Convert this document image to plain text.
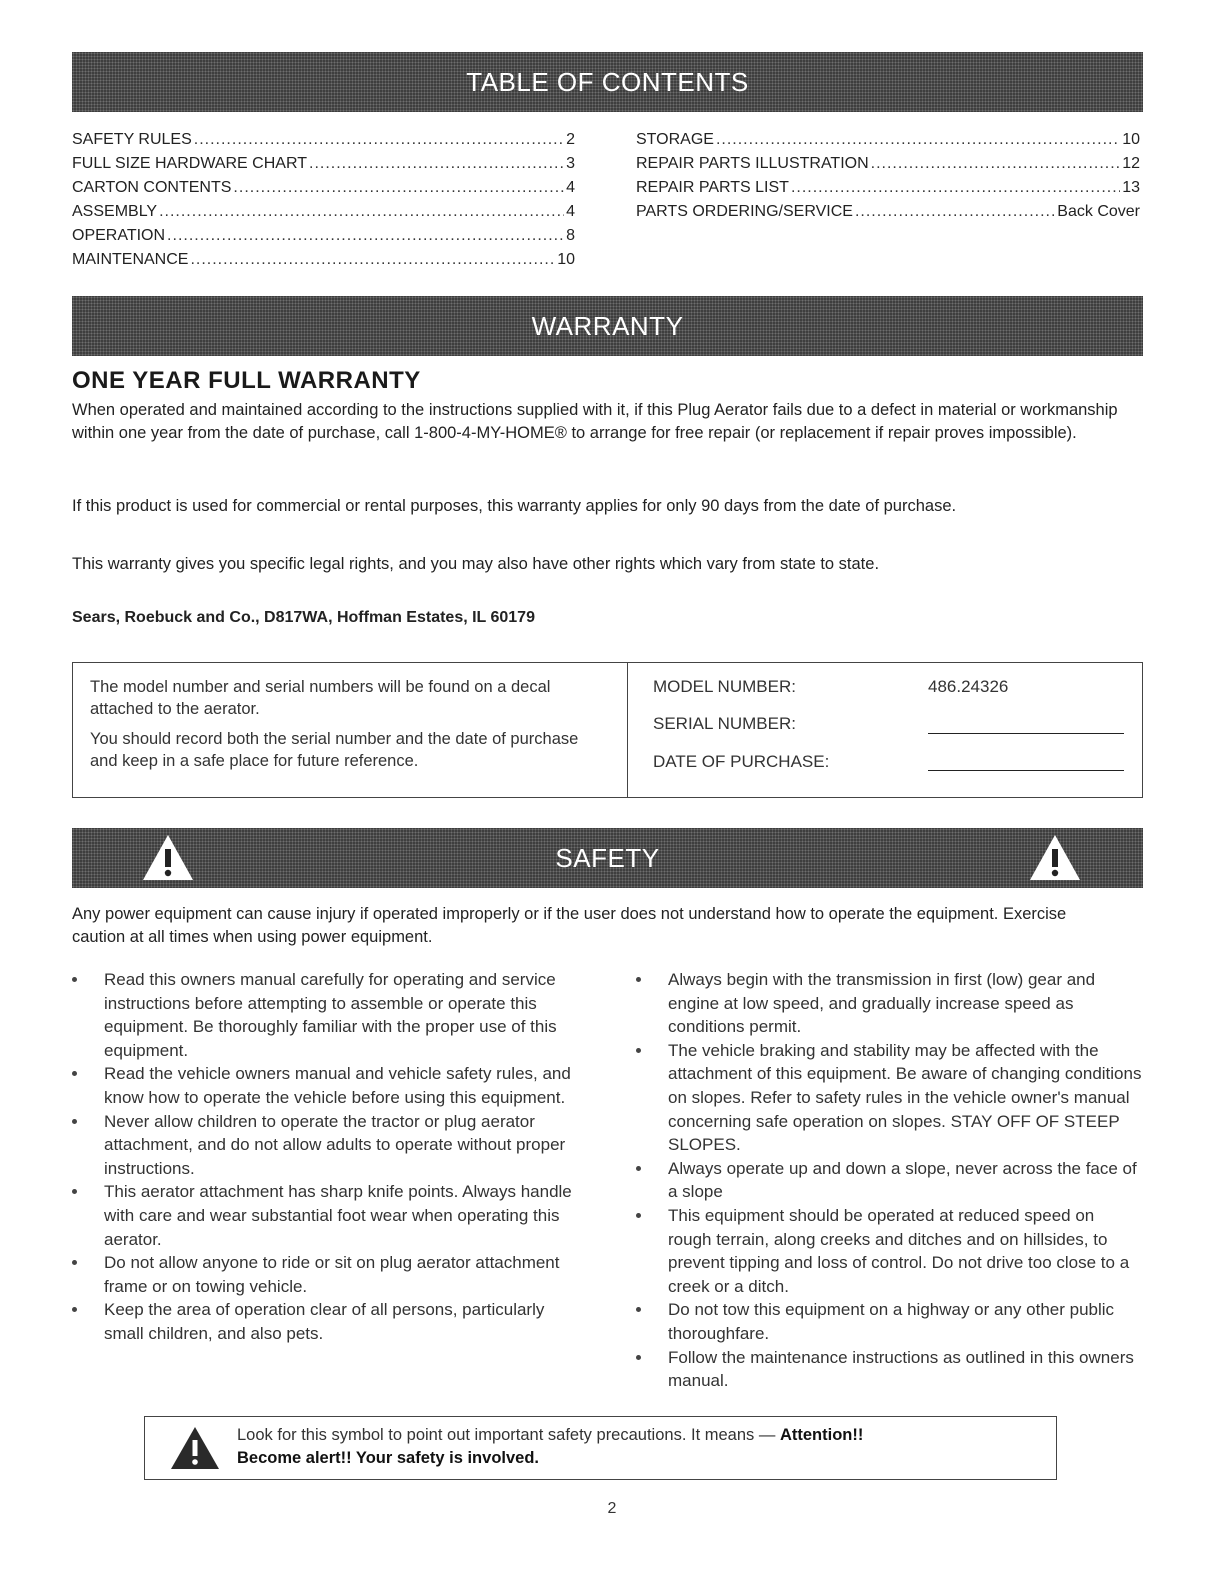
TABLE OF CONTENTS
SAFETY RULES .....	2
FULL SIZE HARDWARE CHART .....	3
CARTON CONTENTS .....	4
ASSEMBLY .....	4
OPERATION .....	8
MAINTENANCE .....	10
STORAGE .....	10
REPAIR PARTS ILLUSTRATION .....	12
REPAIR PARTS LIST .....	13
PARTS ORDERING/SERVICE .....	Back Cover
WARRANTY
ONE YEAR FULL WARRANTY

When operated and maintained according to the instructions supplied with it, if this Plug Aerator fails due to a defect in material or workmanship within one year from the date of purchase, call 1-800-4-MY-HOME® to arrange for free repair (or replacement if repair proves impossible).

If this product is used for commercial or rental purposes, this warranty applies for only 90 days from the date of purchase.

This warranty gives you specific legal rights, and you may also have other rights which vary from state to state.

Sears, Roebuck and Co., D817WA, Hoffman Estates, IL 60179

The model number and serial numbers will be found on a decal attached to the aerator.

You should record both the serial number and the date of purchase and keep in a safe place for future reference.

MODEL NUMBER:	486.24326
SERIAL NUMBER:
DATE OF PURCHASE:
SAFETY

Any power equipment can cause injury if operated improperly or if the user does not understand how to operate the equipment. Exercise caution at all times when using power equipment.

Read this owners manual carefully for operating and service instructions before attempting to assemble or operate this equipment. Be thoroughly familiar with the proper use of this equipment.
Read the vehicle owners manual and vehicle safety rules, and know how to operate the vehicle before using this equipment.
Never allow children to operate the tractor or plug aerator attachment, and do not allow adults to operate without proper instructions.
This aerator attachment has sharp knife points. Always handle with care and wear substantial foot wear when operating this aerator.
Do not allow anyone to ride or sit on plug aerator attachment frame or on towing vehicle.
Keep the area of operation clear of all persons, particularly small children, and also pets.
Always begin with the transmission in first (low) gear and engine at low speed, and gradually increase speed as conditions permit.
The vehicle braking and stability may be affected with the attachment of this equipment. Be aware of changing conditions on slopes. Refer to safety rules in the vehicle owner's manual concerning safe operation on slopes. STAY OFF OF STEEP SLOPES.
Always operate up and down a slope, never across the face of a slope
This equipment should be operated at reduced speed on rough terrain, along creeks and ditches and on hillsides, to prevent tipping and loss of control. Do not drive too close to a creek or a ditch.
Do not tow this equipment on a highway or any other public thoroughfare.
Follow the maintenance instructions as outlined in this owners manual.
Look for this symbol to point out important safety precautions. It means — Attention!!
Become alert!! Your safety is involved.
2
